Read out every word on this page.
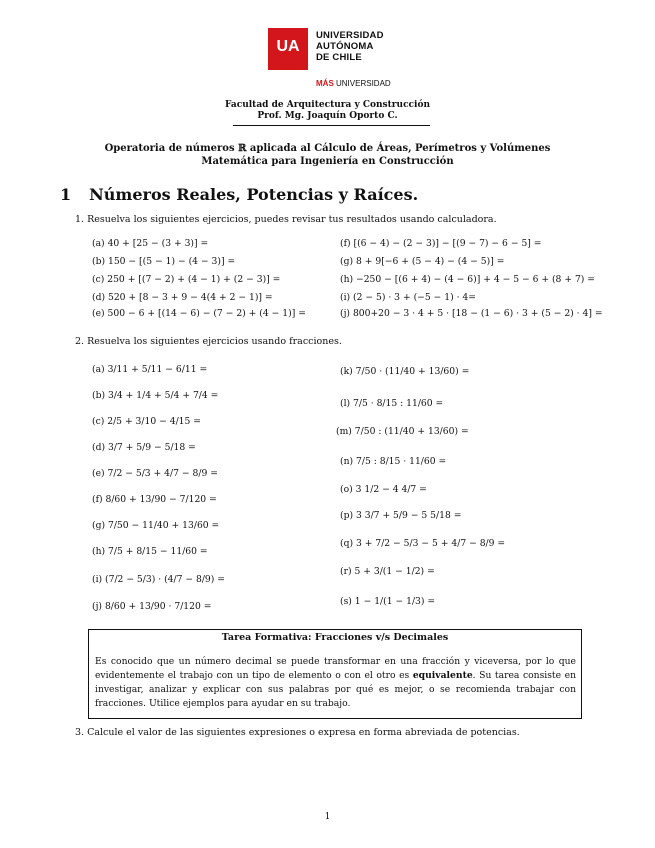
UA
UNIVERSIDAD
AUTÓNOMA
DE CHILE
MÁS UNIVERSIDAD
Facultad de Arquitectura y Construcción
Prof. Mg. Joaquín Oporto C.
Operatoria de números ℝ aplicada al Cálculo de Áreas, Perímetros y Volúmenes
Matemática para Ingeniería en Construcción
1 Números Reales, Potencias y Raíces.
1. Resuelva los siguientes ejercicios, puedes revisar tus resultados usando calculadora.
(a) 40 + [25 − (3 + 3)] =
(b) 150 − [(5 − 1) − (4 − 3)] =
(c) 250 + [(7 − 2) + (4 − 1) + (2 − 3)] =
(d) 520 + [8 − 3 + 9 − 4(4 + 2 − 1)] =
(e) 500 − 6 + [(14 − 6) − (7 − 2) + (4 − 1)] =
(f) [(6 − 4) − (2 − 3)] − [(9 − 7) − 6 − 5] =
(g) 8 + 9[−6 + (5 − 4) − (4 − 5)] =
(h) −250 − [(6 + 4) − (4 − 6)] + 4 − 5 − 6 + (8 + 7) =
(i) (2 − 5) · 3 + (−5 − 1) · 4=
(j) 800+20 − 3 · 4 + 5 · [18 − (1 − 6) · 3 + (5 − 2) · 4] =
2. Resuelva los siguientes ejercicios usando fracciones.
(a) 3/11 + 5/11 − 6/11 =
(b) 3/4 + 1/4 + 5/4 + 7/4 =
(c) 2/5 + 3/10 − 4/15 =
(d) 3/7 + 5/9 − 5/18 =
(e) 7/2 − 5/3 + 4/7 − 8/9 =
(f) 8/60 + 13/90 − 7/120 =
(g) 7/50 − 11/40 + 13/60 =
(h) 7/5 + 8/15 − 11/60 =
(i) (7/2 − 5/3) · (4/7 − 8/9) =
(j) 8/60 + 13/90 · 7/120 =
(k) 7/50 · (11/40 + 13/60) =
(l) 7/5 · 8/15 : 11/60 =
(m) 7/50 : (11/40 + 13/60) =
(n) 7/5 : 8/15 · 11/60 =
(o) 3 1/2 − 4 4/7 =
(p) 3 3/7 + 5/9 − 5 5/18 =
(q) 3 + 7/2 − 5/3 − 5 + 4/7 − 8/9 =
(r) 5 + 3/(1 − 1/2) =
(s) 1 − 1/(1 − 1/3) =
Tarea Formativa: Fracciones v/s Decimales
Es conocido que un número decimal se puede transformar en una fracción y viceversa, por lo que evidentemente el trabajo con un tipo de elemento o con el otro es equivalente. Su tarea consiste en investigar, analizar y explicar con sus palabras por qué es mejor, o se recomienda trabajar con fracciones. Utilice ejemplos para ayudar en su trabajo.
3. Calcule el valor de las siguientes expresiones o expresa en forma abreviada de potencias.
1
